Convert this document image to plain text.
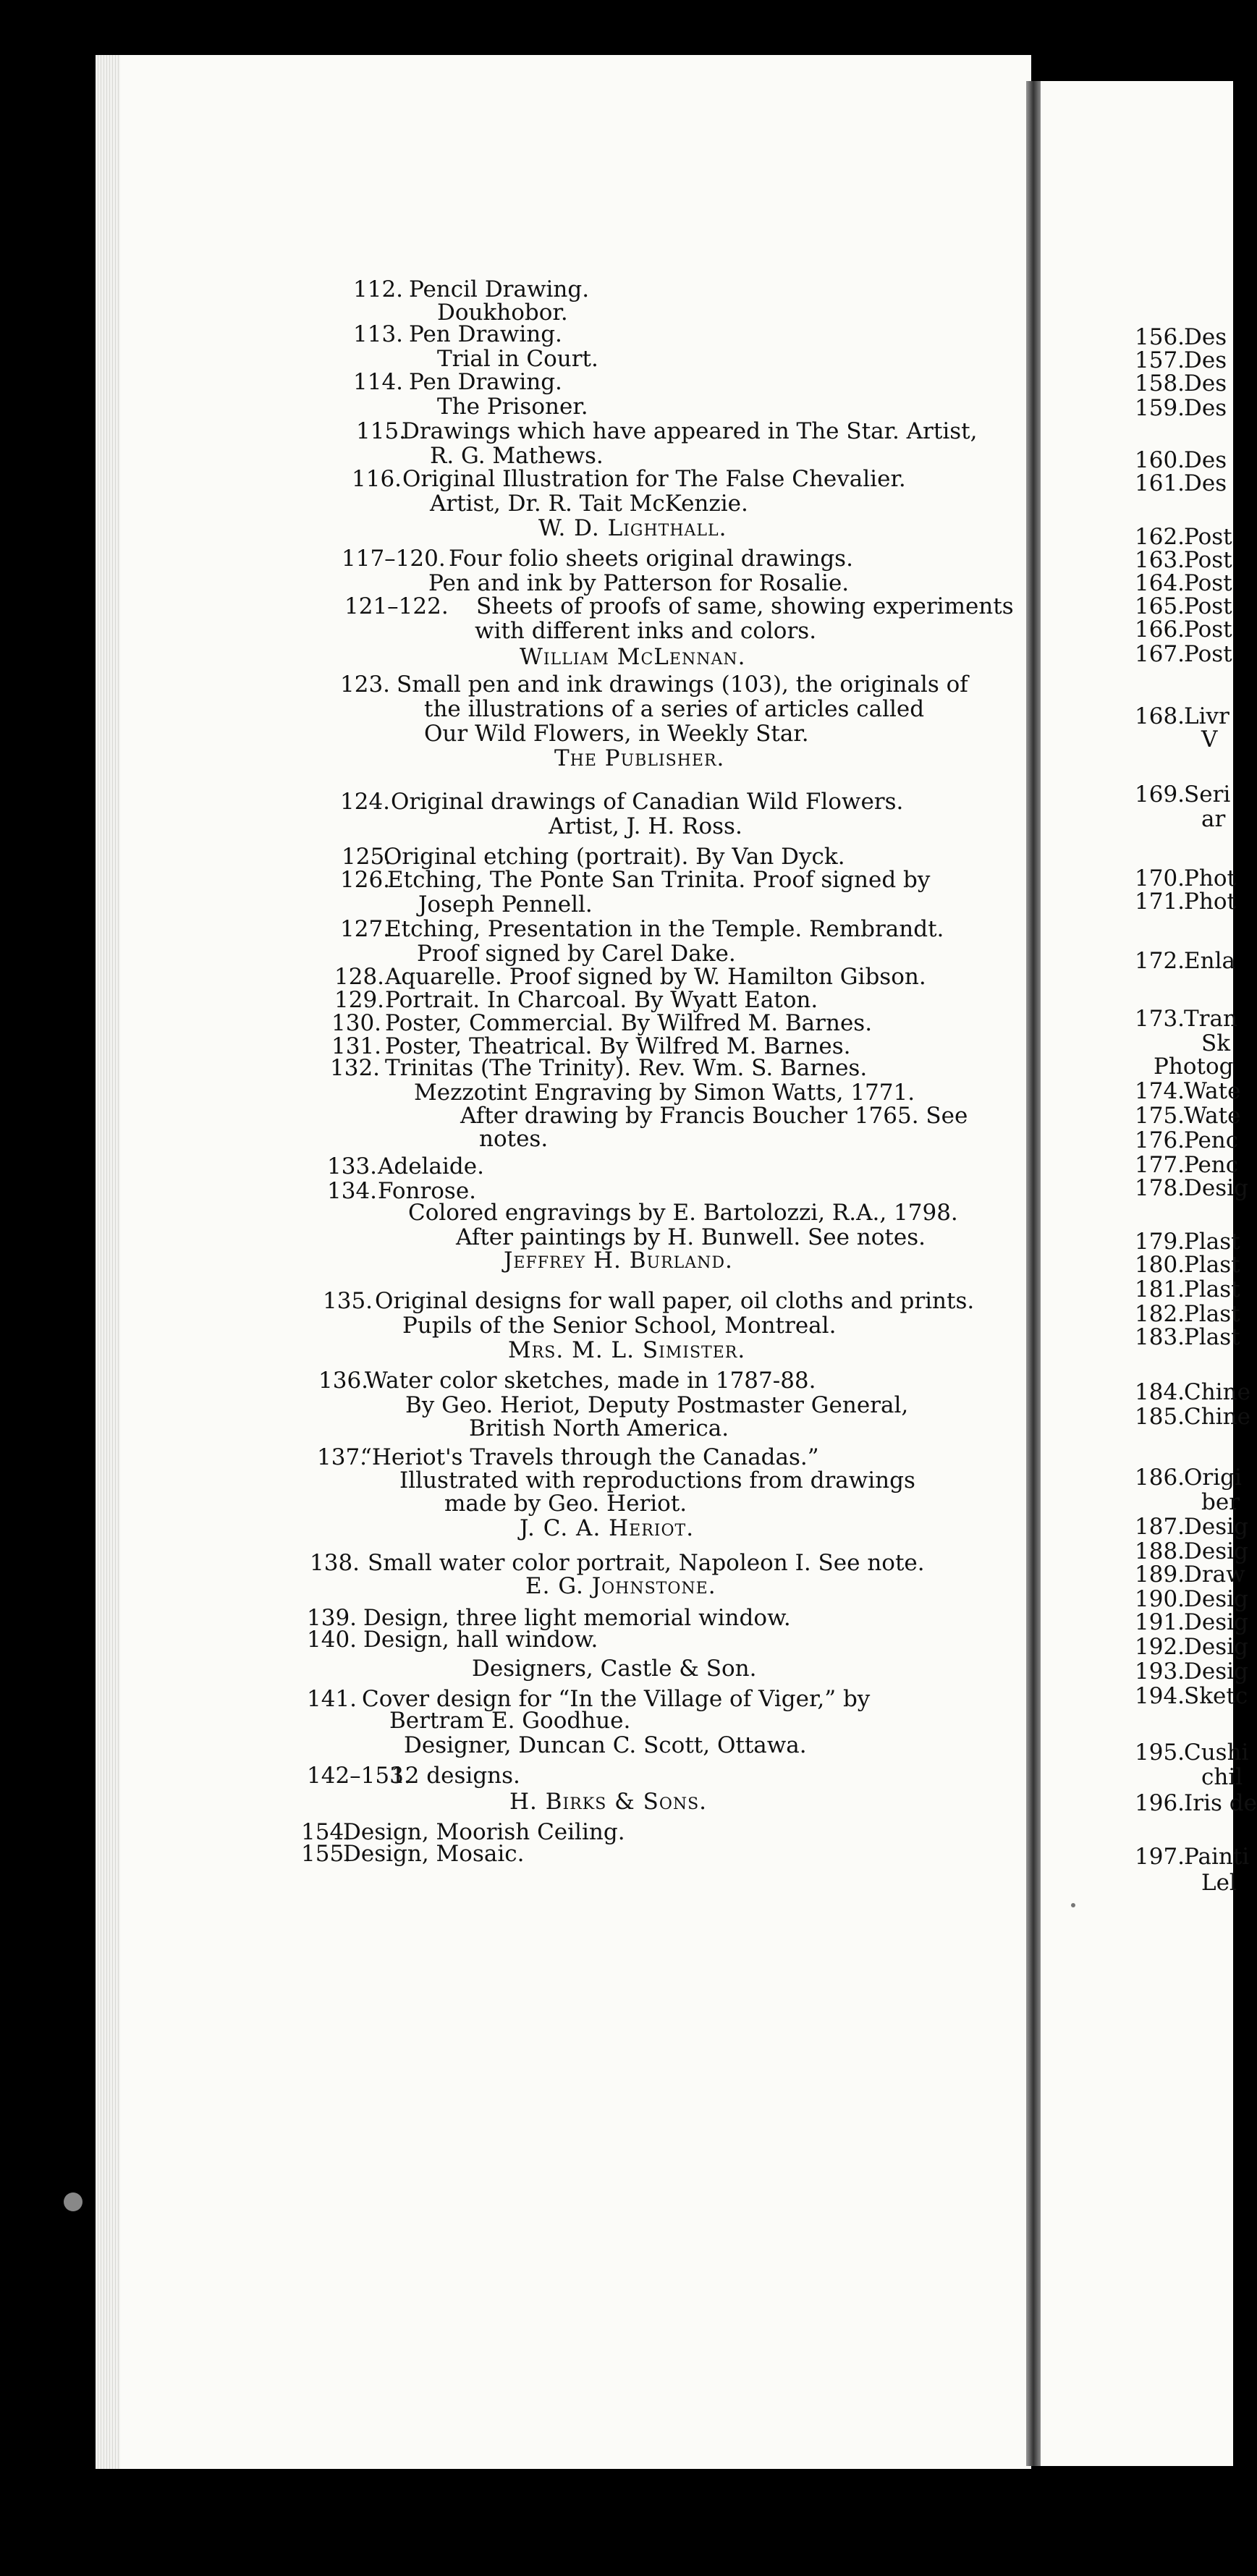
112. Pencil Drawing.
Doukhobor.
113. Pen Drawing.
Trial in Court.
114. Pen Drawing.
The Prisoner.
115.
Drawings which have appeared in The Star. Artist,
R. G. Mathews.
116. Original Illustration for The False Chevalier.
Artist, Dr. R. Tait McKenzie.
W. D. Lighthall.
117–120. Four folio sheets original drawings.
Pen and ink by Patterson for Rosalie.
121–122. Sheets of proofs of same, showing experiments
with different inks and colors.
William McLennan.
123. Small pen and ink drawings (103), the originals of
the illustrations of a series of articles called
Our Wild Flowers, in Weekly Star.
The Publisher.
124. Original drawings of Canadian Wild Flowers.
Artist, J. H. Ross.
125.
Original etching (portrait). By Van Dyck.
126.
Etching, The Ponte San Trinita. Proof signed by
Joseph Pennell.
127.
Etching, Presentation in the Temple. Rembrandt.
Proof signed by Carel Dake.
128. Aquarelle. Proof signed by W. Hamilton Gibson.
129. Portrait. In Charcoal. By Wyatt Eaton.
130. Poster, Commercial. By Wilfred M. Barnes.
131. Poster, Theatrical. By Wilfred M. Barnes.
132. Trinitas (The Trinity). Rev. Wm. S. Barnes.
Mezzotint Engraving by Simon Watts, 1771.
After drawing by Francis Boucher 1765. See
notes.
133. Adelaide.
134. Fonrose.
Colored engravings by E. Bartolozzi, R.A., 1798.
After paintings by H. Bunwell. See notes.
Jeffrey H. Burland.
135. Original designs for wall paper, oil cloths and prints.
Pupils of the Senior School, Montreal.
Mrs. M. L. Simister.
136.
Water color sketches, made in 1787-88.
By Geo. Heriot, Deputy Postmaster General,
British North America.
137.
“Heriot's Travels through the Canadas.”
Illustrated with reproductions from drawings
made by Geo. Heriot.
J. C. A. Heriot.
138. Small water color portrait, Napoleon I. See note.
E. G. Johnstone.
139. Design, three light memorial window.
140. Design, hall window.
Designers, Castle & Son.
141. Cover design for “In the Village of Viger,” by
Bertram E. Goodhue.
Designer, Duncan C. Scott, Ottawa.
142–153.
12 designs.
H. Birks & Sons.
154.
Design, Moorish Ceiling.
155.
Design, Mosaic.
156.
Des
157.
Des
158.
Des
159.
Des
160.
Des
161.
Des
162.
Post
163.
Post
164.
Post
165.
Post
166.
Post
167.
Post
168.
Livr
V
169.
Seri
ar
170.
Phot
171.
Phot
172.
Enla
173.
Tran
Sk
Photog
174.
Wate
175.
Wate
176.
Penc
177.
Penc
178.
Desig
179.
Plast
180.
Plast
181.
Plast
182.
Plast
183.
Plast
184.
Chine
185.
Chine
186.
Origi
ber
187.
Desig
188.
Desig
189.
Draw
190.
Desig
191.
Desig
192.
Desig
193.
Desig
194.
Sketc
195.
Cushi
chil
196.
Iris de
197.
Painti
Lel
